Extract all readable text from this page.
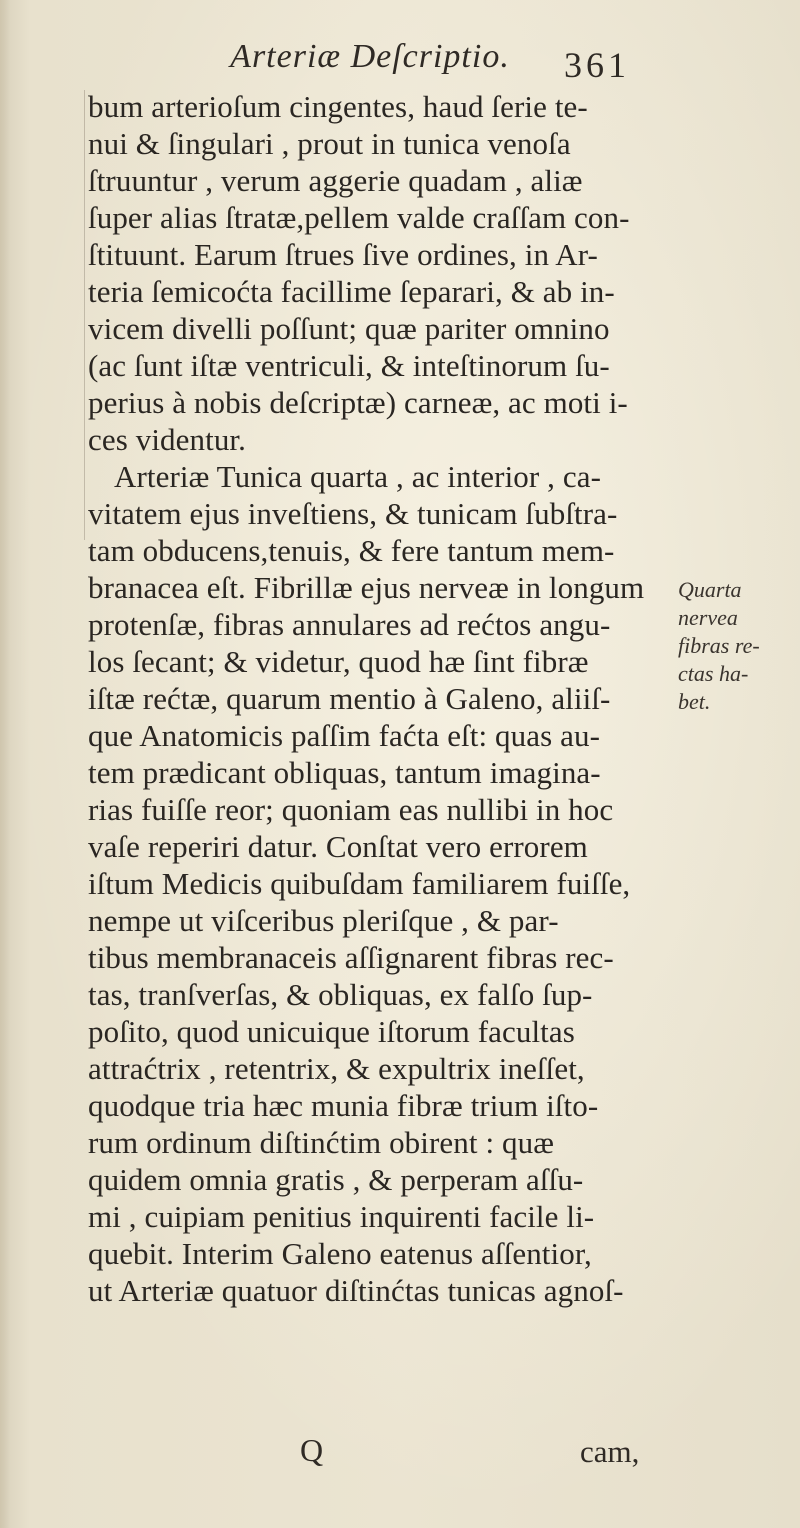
Arteriæ Deſcriptio.	361
bum arterioſum cingentes, haud ſerie te-
nui & ſingulari , prout in tunica venoſa
ſtruuntur , verum aggerie quadam , aliæ
ſuper alias ſtratæ,pellem valde craſſam con-
ſtituunt. Earum ſtrues ſive ordines, in Ar-
teria ſemicoćta facillime ſeparari, & ab in-
vicem divelli poſſunt; quæ pariter omnino
(ac ſunt iſtæ ventriculi, & inteſtinorum ſu-
perius à nobis deſcriptæ) carneæ, ac moti i-
ces videntur.
Arteriæ Tunica quarta , ac interior , ca-
vitatem ejus inveſtiens, & tunicam ſubſtra-
tam obducens,tenuis, & fere tantum mem-
branacea eſt. Fibrillæ ejus nerveæ in longum
protenſæ, fibras annulares ad rećtos angu-
los ſecant; & videtur, quod hæ ſint fibræ
iſtæ rećtæ, quarum mentio à Galeno, aliiſ-
que Anatomicis paſſim fаćta eſt: quas au-
tem prædicant obliquas, tantum imagina-
rias fuiſſe reor; quoniam eas nullibi in hoc
vaſe reperiri datur. Conſtat vero errorem
iſtum Medicis quibuſdam familiarem fuiſſe,
nempe ut viſceribus plerіſque , & par-
tibus membranaceis aſſignarent fibras rec-
tas, tranſverſas, & obliquas, ex falſo ſup-
poſito, quod unicuique iſtorum facultas
attraćtrix , retentrix, & expultrix ineſſet,
quodque tria hæc munia fibræ trium iſto-
rum ordinum diſtinćtim obirent : quæ
quidem omnia gratis , & perperam aſſu-
mi , cuipiam penitius inquirenti facile li-
quebit. Interim Galeno eatenus aſſentior,
ut Arteriæ quatuor diſtinćtas tunicas agnoſ-
Quarta
nervea
fibras re-
ctas ha-
bet.
Q	cam,
